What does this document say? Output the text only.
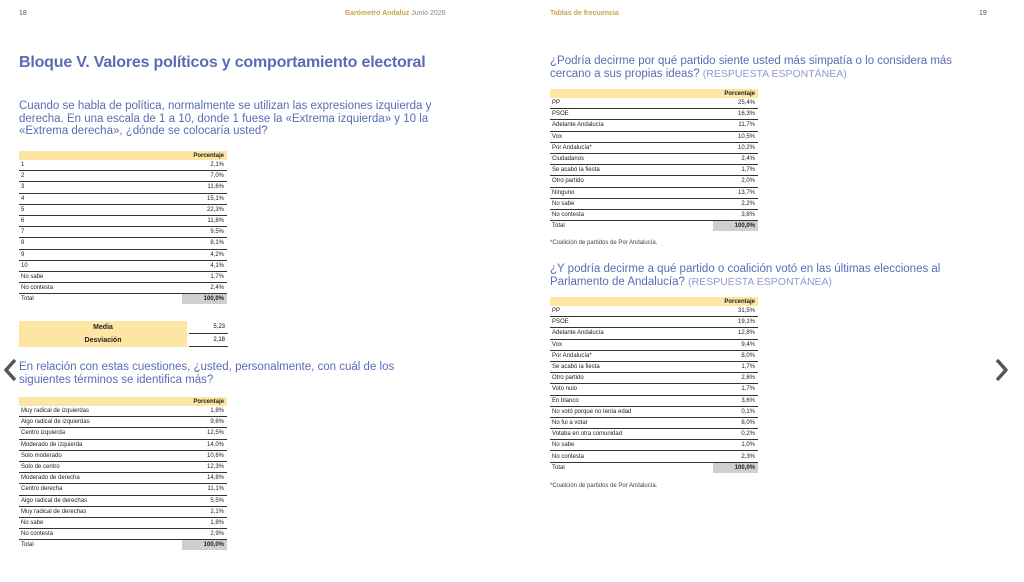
18	Barómetro Andaluz Junio 2026
Bloque V. Valores políticos y comportamiento electoral
Cuando se habla de política, normalmente se utilizan las expresiones izquierda y derecha. En una escala de 1 a 10, donde 1 fuese la «Extrema izquierda» y 10 la «Extrema derecha», ¿dónde se colocaría usted?
	Porcentaje
1	2,1%
2	7,0%
3	11,6%
4	15,1%
5	22,3%
6	11,8%
7	9,5%
8	8,1%
9	4,2%
10	4,1%
No sabe	1,7%
No contesta	2,4%
Total	100,0%
Media		5,23
Desviación		2,18
En relación con estas cuestiones, ¿usted, personalmente, con cuál de los siguientes términos se identifica más?
	Porcentaje
Muy radical de izquierdas	1,8%
Algo radical de izquierdas	9,6%
Centro izquierda	12,5%
Moderado de izquierda	14,0%
Solo moderado	10,6%
Solo de centro	12,3%
Moderado de derecha	14,8%
Centro derecha	11,1%
Algo radical de derechas	5,5%
Muy radical de derechas	2,1%
No sabe	1,8%
No contesta	2,9%
Total	100,0%
Tablas de frecuencia	19
¿Podría decirme por qué partido siente usted más simpatía o lo considera más cercano a sus propias ideas? (RESPUESTA ESPONTÁNEA)
	Porcentaje
PP	25,4%
PSOE	16,3%
Adelante Andalucía	11,7%
Vox	10,5%
Por Andalucía*	10,2%
Ciudadanos	2,4%
Se acabó la fiesta	1,7%
Otro partido	2,0%
Ninguno	13,7%
No sabe	2,2%
No contesta	3,8%
Total	100,0%
*Coalición de partidos de Por Andalucía.
¿Y podría decirme a qué partido o coalición votó en las últimas elecciones al Parlamento de Andalucía? (RESPUESTA ESPONTÁNEA)
	Porcentaje
PP	31,5%
PSOE	19,1%
Adelante Andalucía	12,8%
Vox	9,4%
Por Andalucía*	8,0%
Se acabó la fiesta	1,7%
Otro partido	2,6%
Voto nulo	1,7%
En blanco	3,6%
No votó porque no tenía edad	0,1%
No fui a votar	8,0%
Votaba en otra comunidad	0,2%
No sabe	1,0%
No contesta	2,3%
Total	100,0%
*Coalición de partidos de Por Andalucía.
